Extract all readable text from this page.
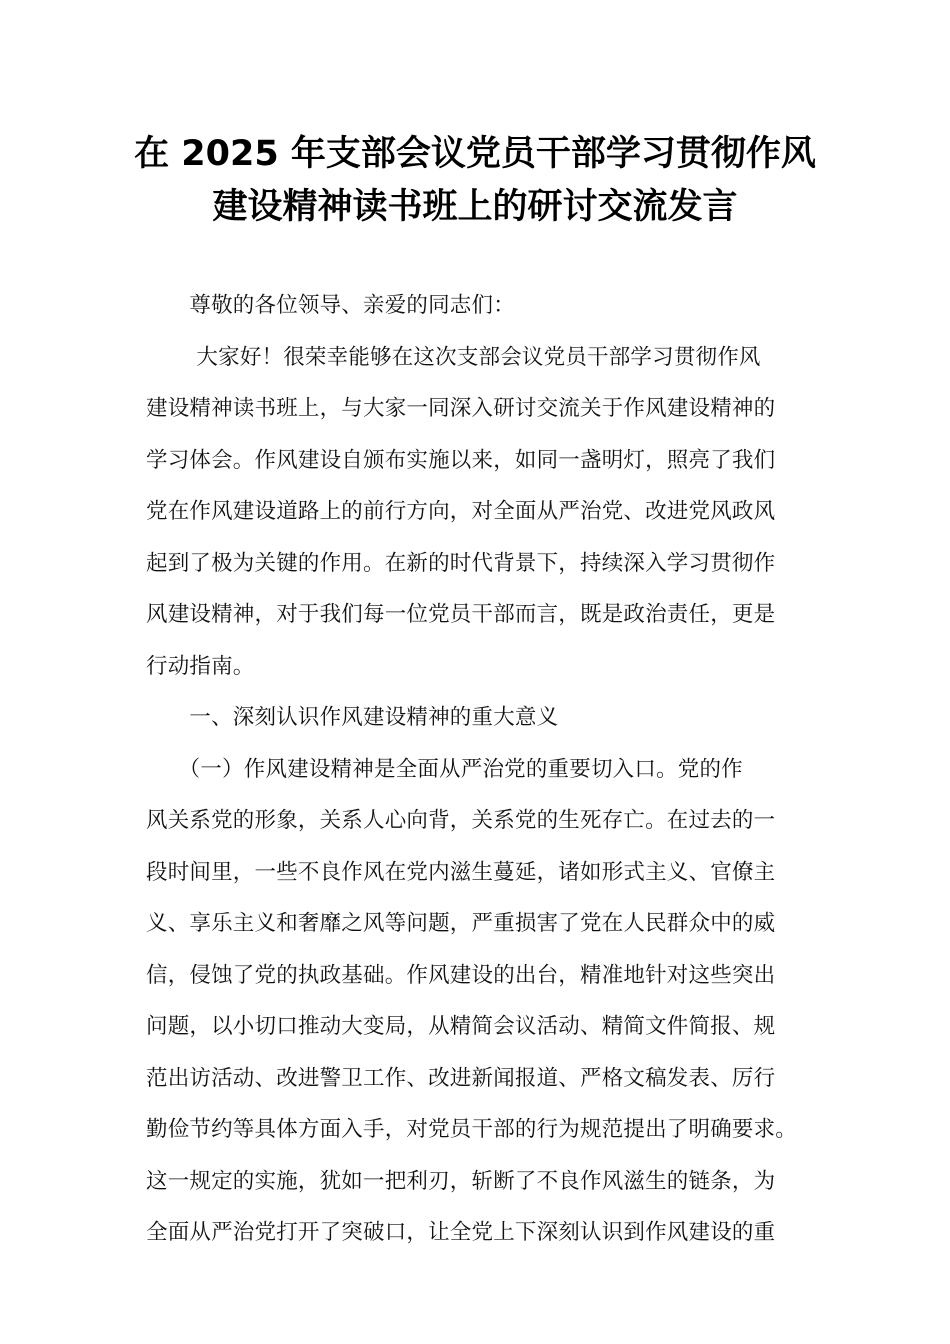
在 2025 年支部会议党员干部学习贯彻作风
建设精神读书班上的研讨交流发言
　　尊敬的各位领导、亲爱的同志们：
　　 大家好！很荣幸能够在这次支部会议党员干部学习贯彻作风
建设精神读书班上，与大家一同深入研讨交流关于作风建设精神的
学习体会。作风建设自颁布实施以来，如同一盏明灯，照亮了我们
党在作风建设道路上的前行方向，对全面从严治党、改进党风政风
起到了极为关键的作用。在新的时代背景下，持续深入学习贯彻作
风建设精神，对于我们每一位党员干部而言，既是政治责任，更是
行动指南。
　　一、深刻认识作风建设精神的重大意义
　　（一）作风建设精神是全面从严治党的重要切入口。党的作
风关系党的形象，关系人心向背，关系党的生死存亡。在过去的一
段时间里，一些不良作风在党内滋生蔓延，诸如形式主义、官僚主
义、享乐主义和奢靡之风等问题，严重损害了党在人民群众中的威
信，侵蚀了党的执政基础。作风建设的出台，精准地针对这些突出
问题，以小切口推动大变局，从精简会议活动、精简文件简报、规
范出访活动、改进警卫工作、改进新闻报道、严格文稿发表、厉行
勤俭节约等具体方面入手，对党员干部的行为规范提出了明确要求。
这一规定的实施，犹如一把利刃，斩断了不良作风滋生的链条，为
全面从严治党打开了突破口，让全党上下深刻认识到作风建设的重
